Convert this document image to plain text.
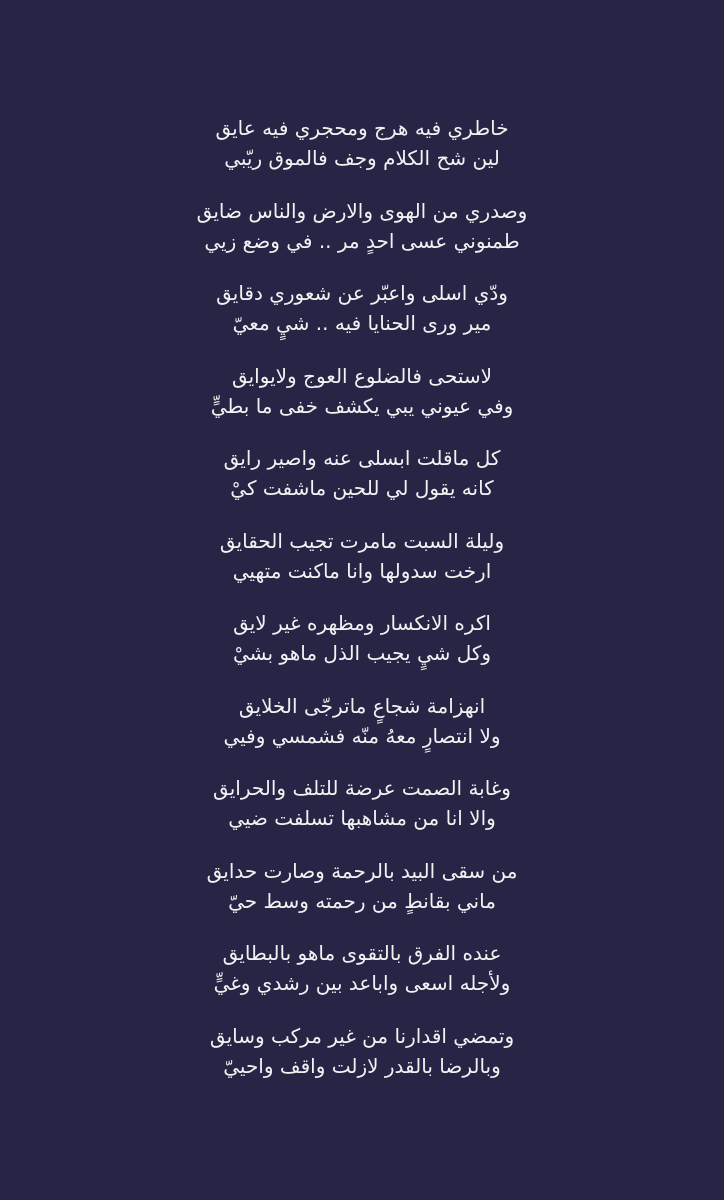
خاطري فيه هرج ومحجري فيه عايق
لين شح الكلام وجف فالموق ريّبي
وصدري من الهوى والارض والناس ضايق
طمنوني عسى احدٍ مر .. في وضع زيي
ودّي اسلى واعبّر عن شعوري دقايق
مير ورى الحنايا فيه .. شيٍ معيّ
لاستحى فالضلوع العوج ولايوايق
وفي عيوني يبي يكشف خفى ما بطيٍّ
كل ماقلت ابسلى عنه واصير رايق
كانه يقول لي للحين ماشفت كيْ
وليلة السبت مامرت تجيب الحقايق
ارخت سدولها وانا ماكنت متهيي
اكره الانكسار ومظهره غير لايق
وكل شيٍ يجيب الذل ماهو بشيْ
انهزامة شجاعٍ ماترجّى الخلايق
ولا انتصارٍ معهُ منّه فشمسي وفيي
وغابة الصمت عرضة للتلف والحرايق
والا انا من مشاهبها تسلفت ضيي
من سقى البيد بالرحمة وصارت حدايق
ماني بقانطٍ من رحمته وسط حيّ
عنده الفرق بالتقوى ماهو بالبطايق
ولأجله اسعى واباعد بين رشدي وغيٍّ
وتمضي اقدارنا من غير مركب وسايق
وبالرضا بالقدر لازلت واقف واحييّ
